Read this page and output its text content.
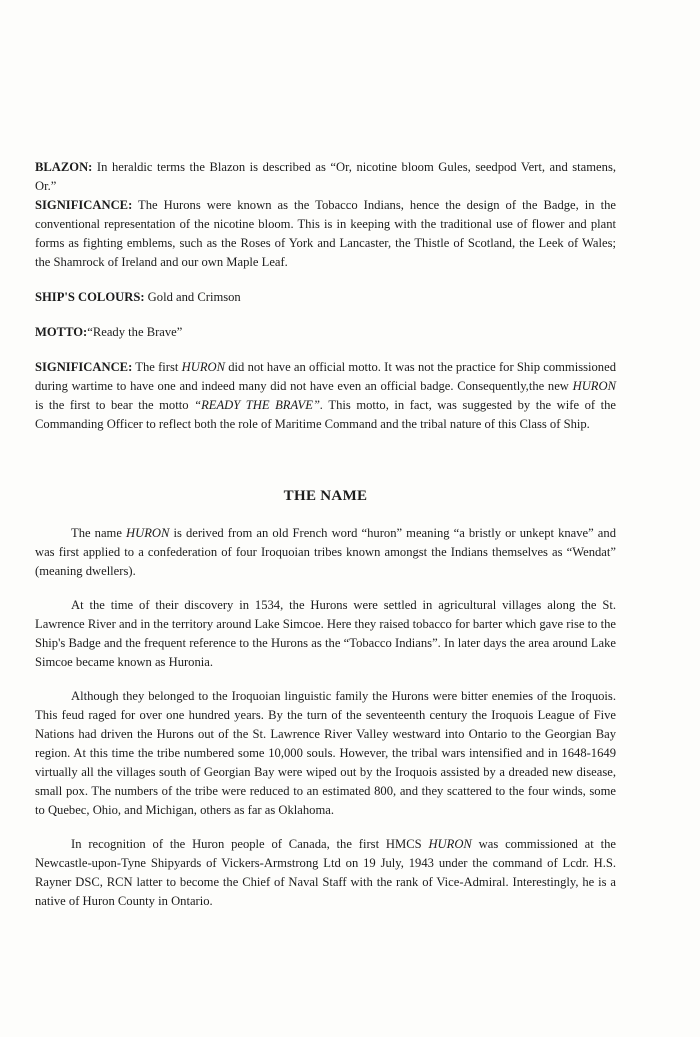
BLAZON: In heraldic terms the Blazon is described as “Or, nicotine bloom Gules, seedpod Vert, and stamens, Or.”

SIGNIFICANCE: The Hurons were known as the Tobacco Indians, hence the design of the Badge, in the conventional representation of the nicotine bloom. This is in keeping with the traditional use of flower and plant forms as fighting emblems, such as the Roses of York and Lancaster, the Thistle of Scotland, the Leek of Wales; the Shamrock of Ireland and our own Maple Leaf.

SHIP'S COLOURS: Gold and Crimson

MOTTO:“Ready the Brave”

SIGNIFICANCE: The first HURON did not have an official motto. It was not the practice for Ship commissioned during wartime to have one and indeed many did not have even an official badge. Consequently,the new HURON is the first to bear the motto “READY THE BRAVE”. This motto, in fact, was suggested by the wife of the Commanding Officer to reflect both the role of Maritime Command and the tribal nature of this Class of Ship.

THE NAME

The name HURON is derived from an old French word “huron” meaning “a bristly or unkept knave” and was first applied to a confederation of four Iroquoian tribes known amongst the Indians themselves as “Wendat” (meaning dwellers).

At the time of their discovery in 1534, the Hurons were settled in agricultural villages along the St. Lawrence River and in the territory around Lake Simcoe. Here they raised tobacco for barter which gave rise to the Ship's Badge and the frequent reference to the Hurons as the “Tobacco Indians”. In later days the area around Lake Simcoe became known as Huronia.

Although they belonged to the Iroquoian linguistic family the Hurons were bitter enemies of the Iroquois. This feud raged for over one hundred years. By the turn of the seventeenth century the Iroquois League of Five Nations had driven the Hurons out of the St. Lawrence River Valley westward into Ontario to the Georgian Bay region. At this time the tribe numbered some 10,000 souls. However, the tribal wars intensified and in 1648-1649 virtually all the villages south of Georgian Bay were wiped out by the Iroquois assisted by a dreaded new disease, small pox. The numbers of the tribe were reduced to an estimated 800, and they scattered to the four winds, some to Quebec, Ohio, and Michigan, others as far as Oklahoma.

In recognition of the Huron people of Canada, the first HMCS HURON was commissioned at the Newcastle-upon-Tyne Shipyards of Vickers-Armstrong Ltd on 19 July, 1943 under the command of Lcdr. H.S. Rayner DSC, RCN latter to become the Chief of Naval Staff with the rank of Vice-Admiral. Interestingly, he is a native of Huron County in Ontario.
